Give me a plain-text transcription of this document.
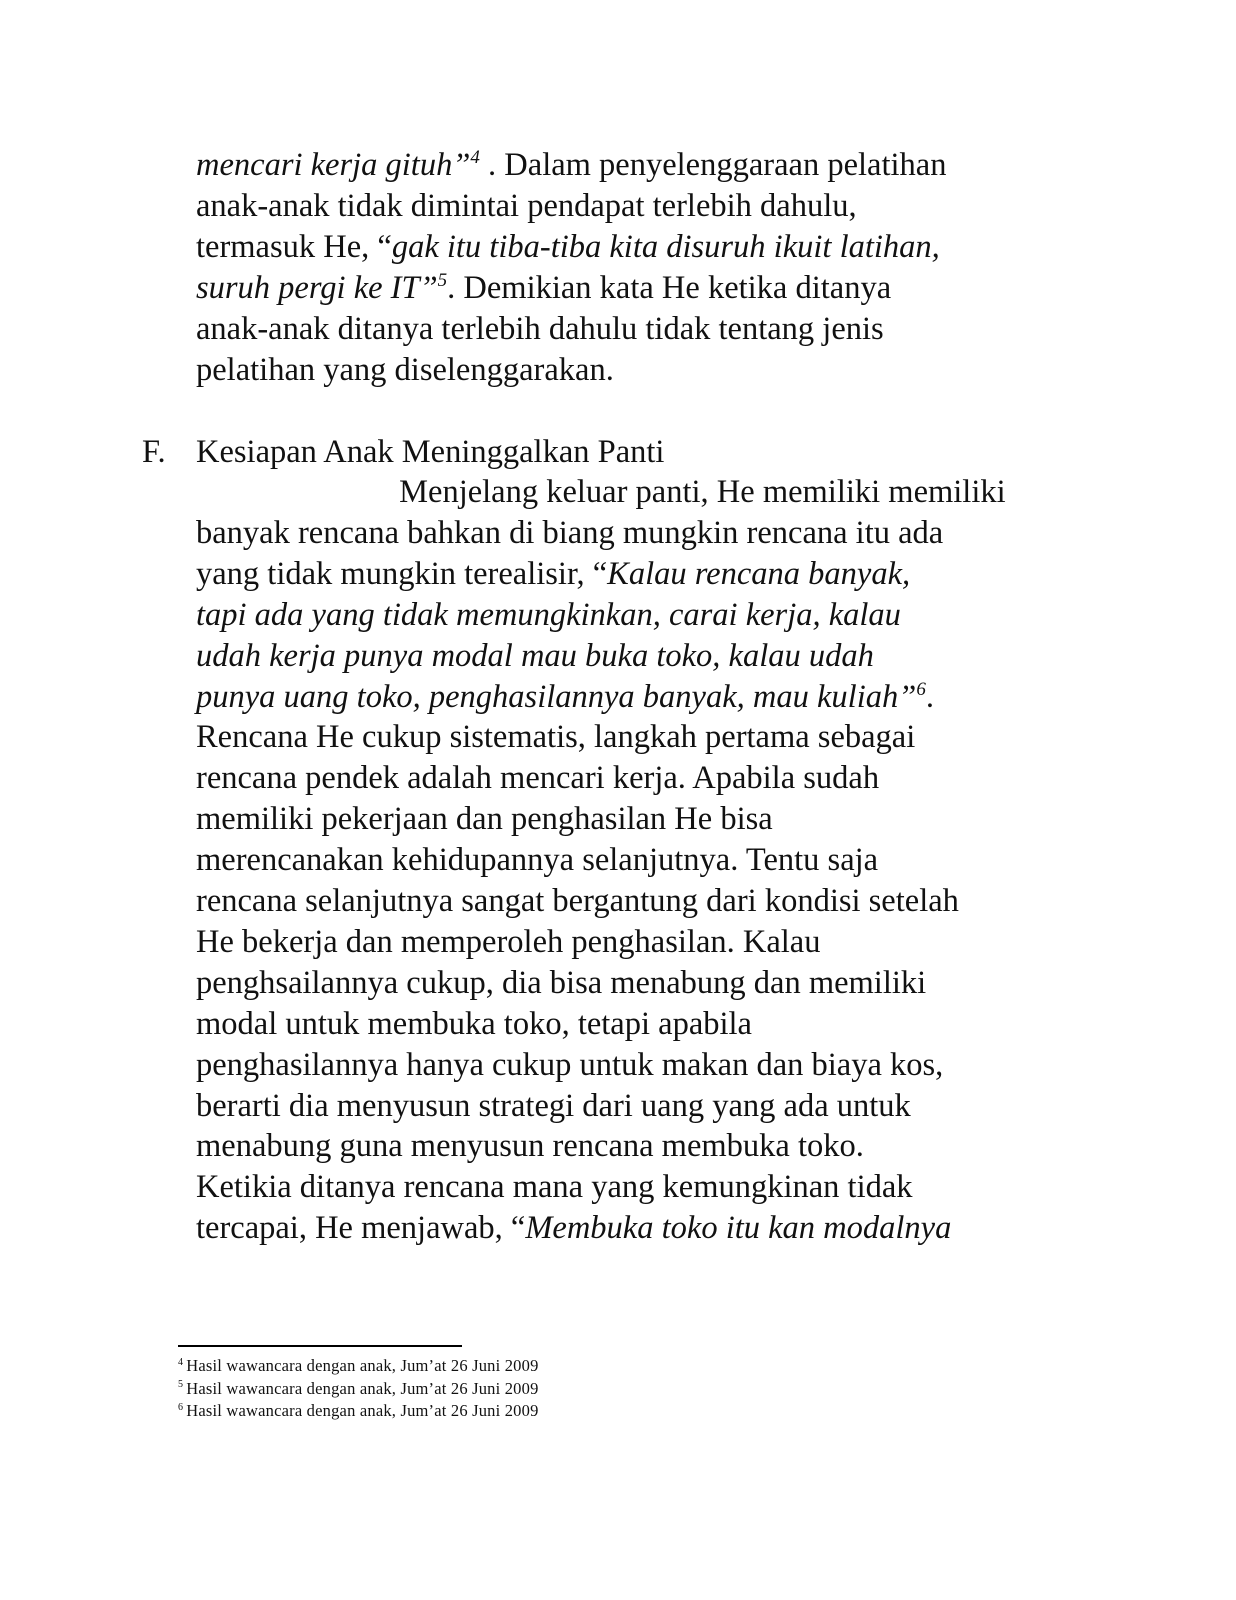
F. Kesiapan Anak Meninggalkan Panti
mencari kerja gituh”$^4$ . Dalam penyelenggaraan pelatihan
anak-anak tidak dimintai pendapat terlebih dahulu,
termasuk He, “gak itu tiba-tiba kita disuruh ikuit latihan,
suruh pergi ke IT”$^5$. Demikian kata He ketika ditanya
anak-anak ditanya terlebih dahulu tidak tentang jenis
pelatihan yang diselenggarakan.
Menjelang keluar panti, He memiliki memiliki
banyak rencana bahkan di biang mungkin rencana itu ada
yang tidak mungkin terealisir, “Kalau rencana banyak,
tapi ada yang tidak memungkinkan, carai kerja, kalau
udah kerja punya modal mau buka toko, kalau udah
punya uang toko, penghasilannya banyak, mau kuliah”$^6$.
Rencana He cukup sistematis, langkah pertama sebagai
rencana pendek adalah mencari kerja. Apabila sudah
memiliki pekerjaan dan penghasilan He bisa
merencanakan kehidupannya selanjutnya. Tentu saja
rencana selanjutnya sangat bergantung dari kondisi setelah
He bekerja dan memperoleh penghasilan. Kalau
penghsailannya cukup, dia bisa menabung dan memiliki
modal untuk membuka toko, tetapi apabila
penghasilannya hanya cukup untuk makan dan biaya kos,
berarti dia menyusun strategi dari uang yang ada untuk
menabung guna menyusun rencana membuka toko.
Ketikia ditanya rencana mana yang kemungkinan tidak
tercapai, He menjawab, “Membuka toko itu kan modalnya
$^4$ Hasil wawancara dengan anak, Jum’at 26 Juni 2009
$^5$ Hasil wawancara dengan anak, Jum’at 26 Juni 2009
$^6$ Hasil wawancara dengan anak, Jum’at 26 Juni 2009
